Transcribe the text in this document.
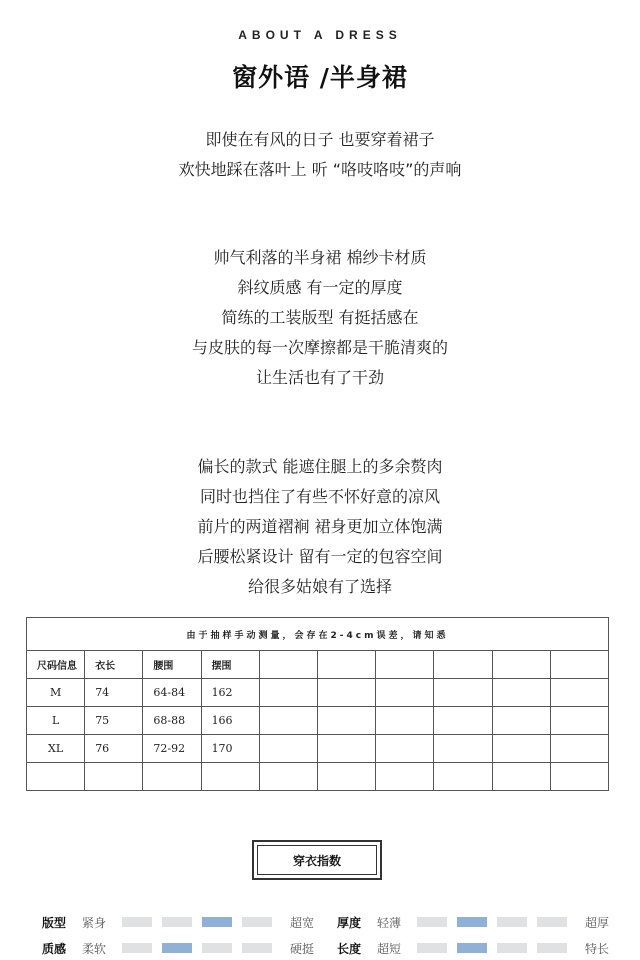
ABOUT A DRESS
窗外语 /半身裙
即使在有风的日子 也要穿着裙子
欢快地踩在落叶上 听 “咯吱咯吱”的声响
帅气利落的半身裙 棉纱卡材质
斜纹质感 有一定的厚度
简练的工装版型 有挺括感在
与皮肤的每一次摩擦都是干脆清爽的
让生活也有了干劲
偏长的款式 能遮住腿上的多余赘肉
同时也挡住了有些不怀好意的凉风
前片的两道褶裥 裙身更加立体饱满
后腰松紧设计 留有一定的包容空间
给很多姑娘有了选择
由于抽样手动测量，会存在2-4cm误差，请知悉									
尺码信息	衣长	腰围	摆围						
M	74	64-84	162						
L	75	68-88	166						
XL	76	72-92	170						

穿衣指数
版型	紧身	超宽 厚度	轻薄	超厚
质感	柔软	硬挺 长度	超短	特长
